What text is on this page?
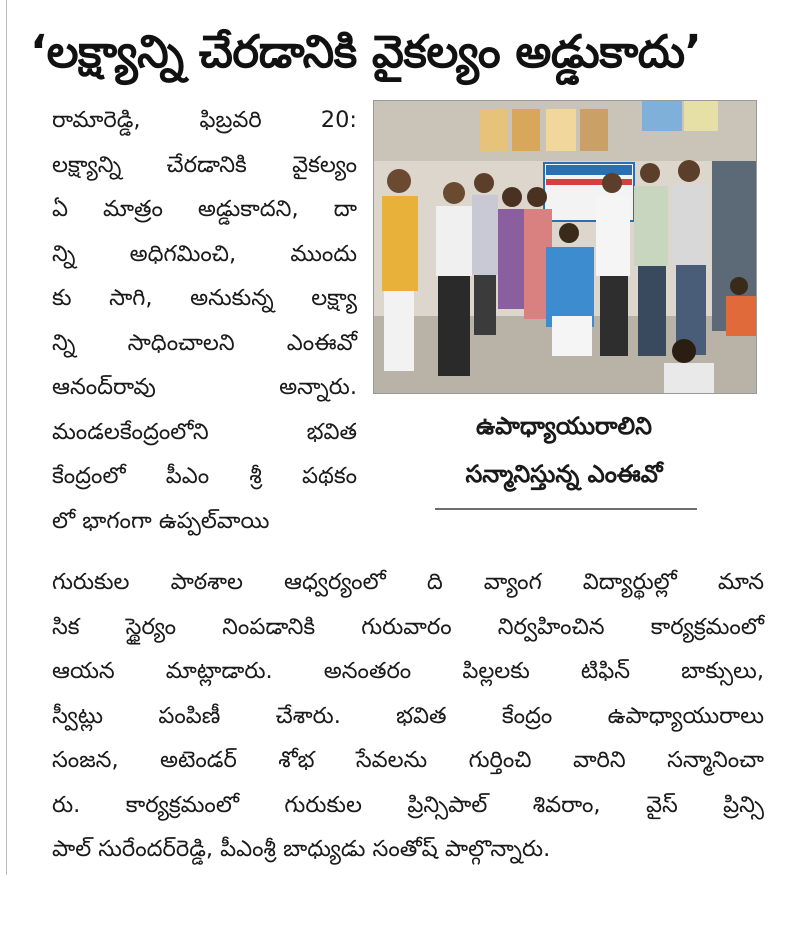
‘లక్ష్యాన్ని చేరడానికి వైకల్యం అడ్డుకాదు’
రామారెడ్డి, ఫిబ్రవరి 20:
లక్ష్యాన్ని చేరడానికి వైకల్యం
ఏ మాత్రం అడ్డుకాదని, దా
న్ని అధిగమించి, ముందు
కు సాగి, అనుకున్న లక్ష్యా
న్ని సాధించాలని ఎంఈవో
ఆనంద్‌రావు అన్నారు.
మండలకేంద్రంలోని భవిత
కేంద్రంలో పీఎం శ్రీ పథకం
లో భాగంగా ఉప్పల్‌వాయి
ఉపాధ్యాయురాలిని
సన్మానిస్తున్న ఎంఈవో
గురుకుల పాఠశాల ఆధ్వర్యంలో ది వ్యాంగ విద్యార్థుల్లో మాన
సిక స్థైర్యం నింపడానికి గురువారం నిర్వహించిన కార్యక్రమంలో
ఆయన మాట్లాడారు. అనంతరం పిల్లలకు టిఫిన్ బాక్సులు,
స్వీట్లు పంపిణీ చేశారు. భవిత కేంద్రం ఉపాధ్యాయురాలు
సంజన, అటెండర్ శోభ సేవలను గుర్తించి వారిని సన్మానించా
రు. కార్యక్రమంలో గురుకుల ప్రిన్సిపాల్ శివరాం, వైస్ ప్రిన్సి
పాల్ సురేందర్‌రెడ్డి, పీఎంశ్రీ బాధ్యుడు సంతోష్ పాల్గొన్నారు.
